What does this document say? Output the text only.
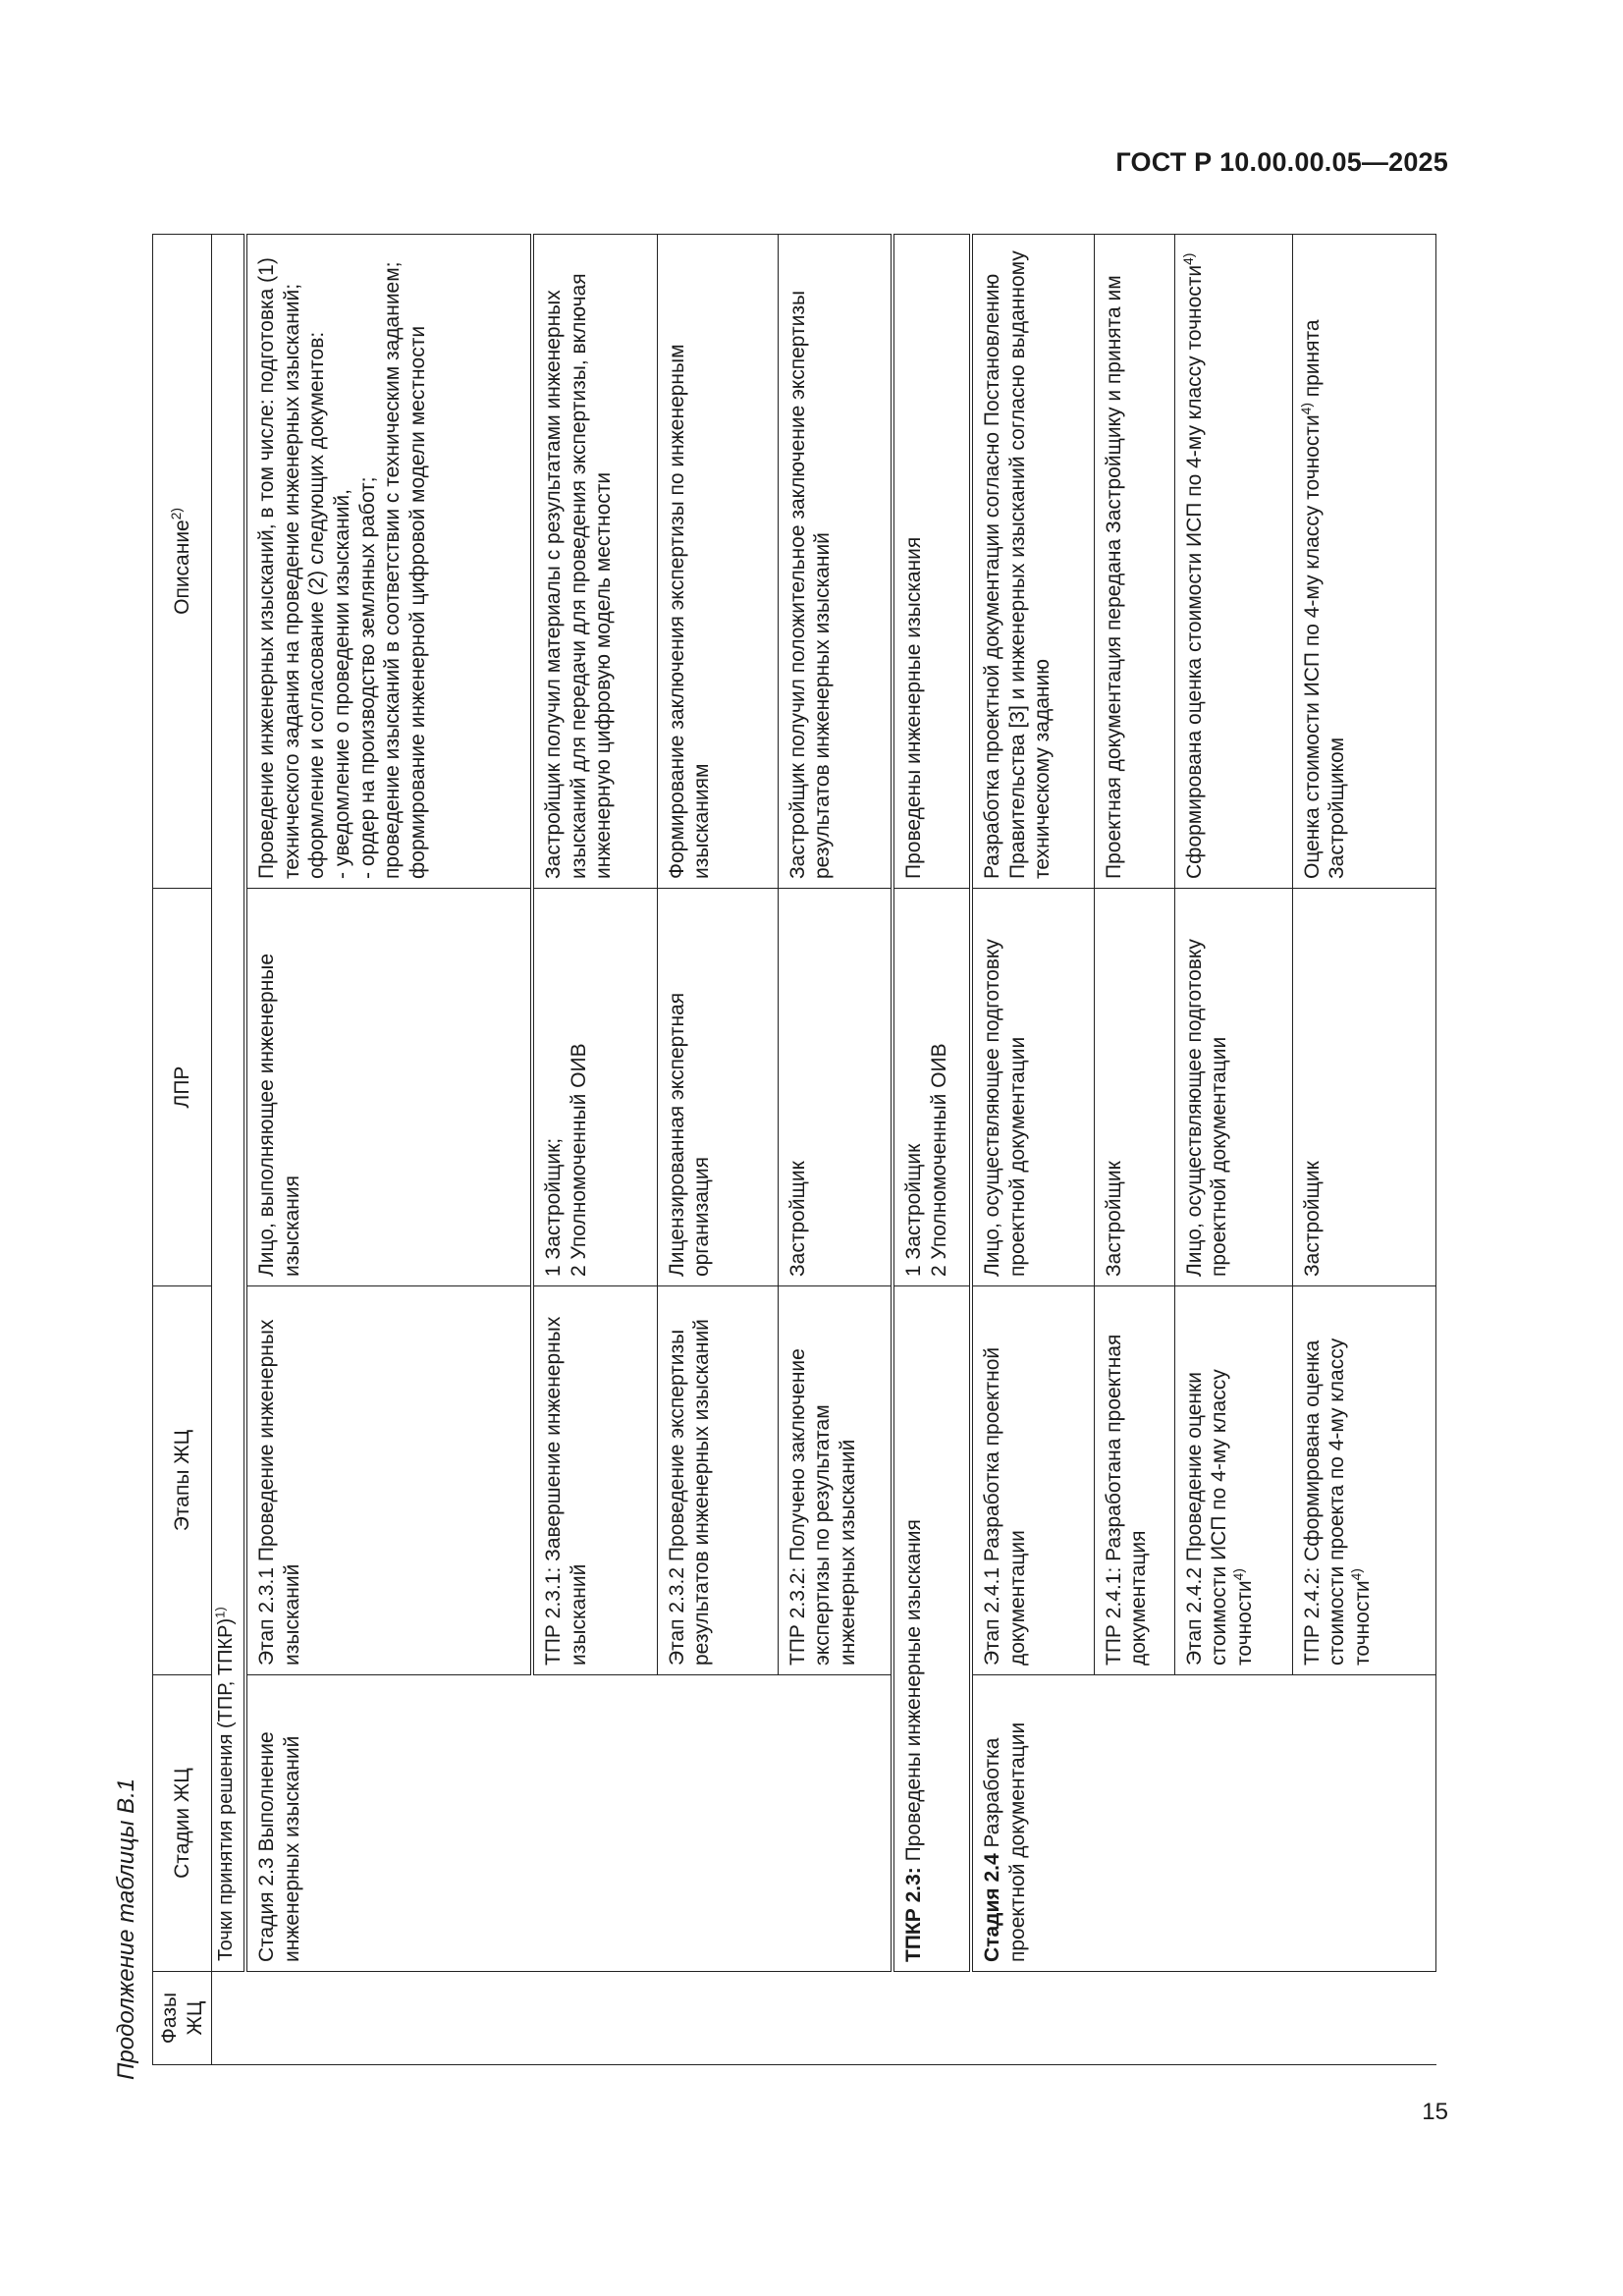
ГОСТ Р 10.00.00.05—2025
Продолжение таблицы В.1
15
Фазы ЖЦ	Стадии ЖЦ	Этапы ЖЦ	ЛПР	Описание$^{2)}$
	Точки принятия решения (ТПР, ТПКР)$^{1)}$
	Стадия 2.3 Выполнение инженерных изысканий	Этап 2.3.1 Проведение инженерных изысканий	Лицо, выполняющее инженерные изыскания	Проведение инженерных изысканий, в том числе: подготовка (1) технического задания на проведение инженерных изысканий; оформление и согласование (2) следующих документов: - уведомление о проведении изысканий, - ордер на производство земляных работ; проведение изысканий в соответствии с техническим заданием; формирование инженерной цифровой модели местности

		ТПР 2.3.1: Завершение инженерных изысканий	1 Застройщик; 2 Уполномоченный ОИВ	Застройщик получил материалы с результатами инженерных изысканий для передачи для проведения экспертизы, включая инженерную цифровую модель местности
		Этап 2.3.2 Проведение экспертизы результатов инженерных изысканий	Лицензированная экспертная организация	Формирование заключения экспертизы по инженерным изысканиям
		ТПР 2.3.2: Получено заключение экспертизы по результатам инженерных изысканий	Застройщик	Застройщик получил положительное заключение экспертизы результатов инженерных изысканий
	ТПКР 2.3: Проведены инженерные изыскания		1 Застройщик 2 Уполномоченный ОИВ	Проведены инженерные изыскания
	Стадия 2.4 Разработка проектной документации	Этап 2.4.1 Разработка проектной документации	Лицо, осуществляющее подготовку проектной документации	Разработка проектной документации согласно Постановлению Правительства [3] и инженерных изысканий согласно выданному техническому заданию
		ТПР 2.4.1: Разработана проектная документация	Застройщик	Проектная документация передана Застройщику и принята им
		Этап 2.4.2 Проведение оценки стоимости ИСП по 4-му классу точности$^{4)}$	Лицо, осуществляющее подготовку проектной документации	Сформирована оценка стоимости ИСП по 4-му классу точности$^{4)}$
		ТПР 2.4.2: Сформирована оценка стоимости проекта по 4-му классу точности$^{4)}$	Застройщик	Оценка стоимости ИСП по 4-му классу точности$^{4)}$ принята Застройщиком
